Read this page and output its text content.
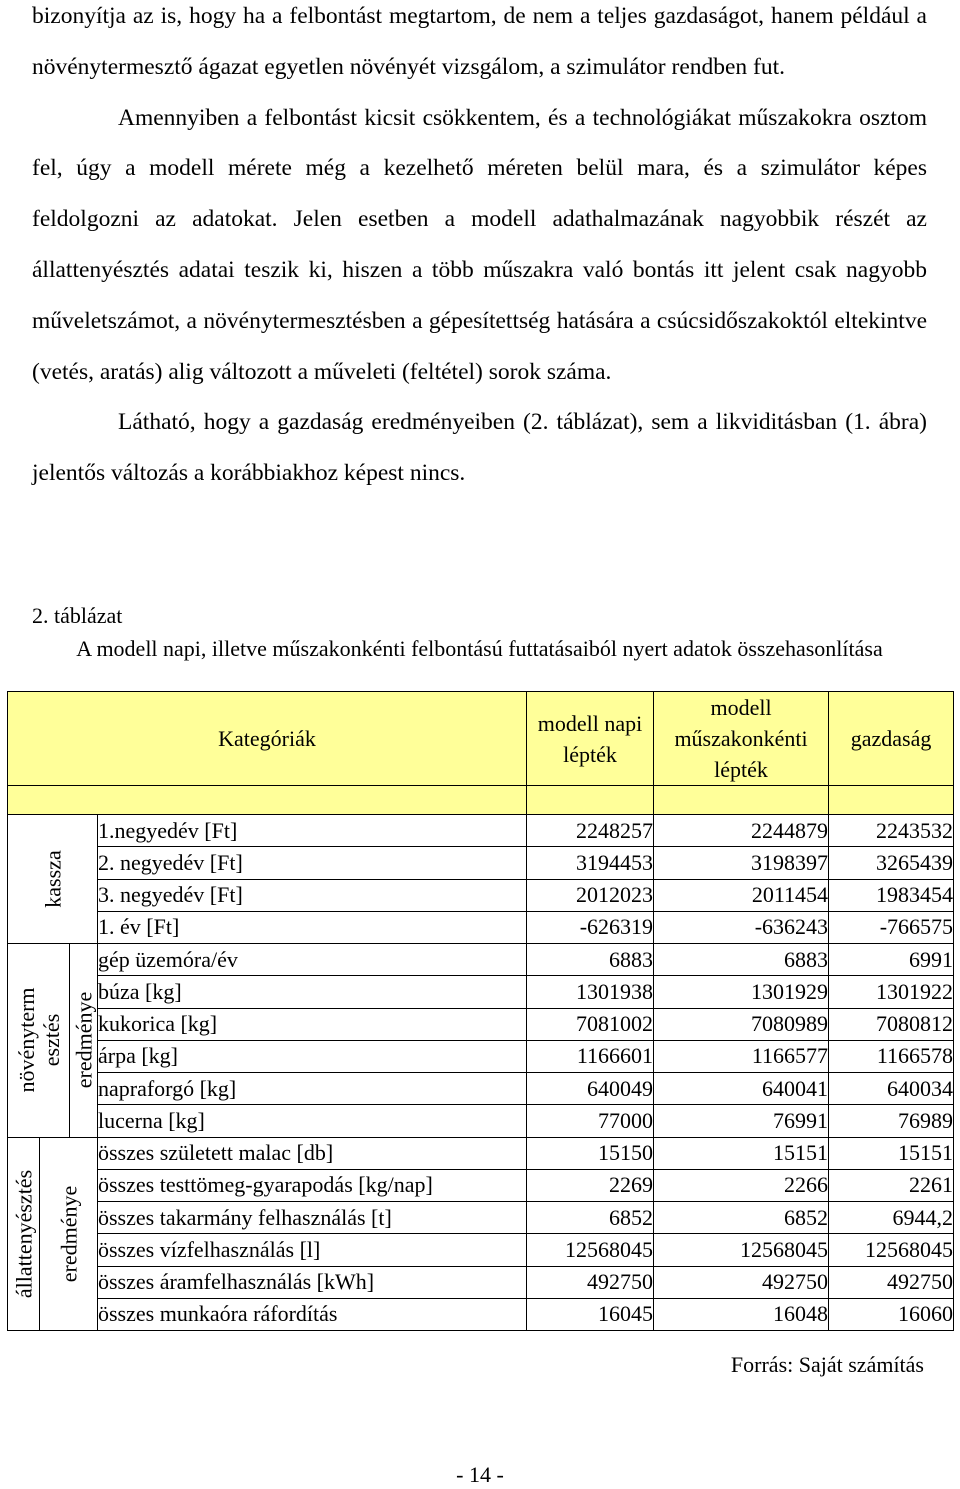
bizonyítja az is, hogy ha a felbontást megtartom, de nem a teljes gazdaságot, hanem például a növénytermesztő ágazat egyetlen növényét vizsgálom, a szimulátor rendben fut.

Amennyiben a felbontást kicsit csökkentem, és a technológiákat műszakokra osztom fel, úgy a modell mérete még a kezelhető méreten belül mara, és a szimulátor képes feldolgozni az adatokat. Jelen esetben a modell adathalmazának nagyobbik részét az állattenyésztés adatai teszik ki, hiszen a több műszakra való bontás itt jelent csak nagyobb műveletszámot, a növénytermesztésben a gépesítettség hatására a csúcsidőszakoktól eltekintve (vetés, aratás) alig változott a műveleti (feltétel) sorok száma.

Látható, hogy a gazdaság eredményeiben (2. táblázat), sem a likviditásban (1. ábra) jelentős változás a korábbiakhoz képest nincs.

2. táblázat
A modell napi, illetve műszakonkénti felbontású futtatásaiból nyert adatok összehasonlítása
Kategóriák				modell napi lépték	modell műszakonkénti lépték	gazdaság

kassza			1.negyedév [Ft]	2248257	2244879	2243532
			2. negyedév [Ft]	3194453	3198397	3265439
			3. negyedév [Ft]	2012023	2011454	1983454
			1. év [Ft]	-626319	-636243	-766575

növényterm esztés		eredménye	gép üzemóra/év	6883	6883	6991
			búza [kg]	1301938	1301929	1301922
			kukorica [kg]	7081002	7080989	7080812
			árpa [kg]	1166601	1166577	1166578
			napraforgó [kg]	640049	640041	640034
			lucerna [kg]	77000	76991	76989

állattenyésztés	eredménye		összes született malac [db]	15150	15151	15151
			összes testtömeg-gyarapodás [kg/nap]	2269	2266	2261
			összes takarmány felhasználás [t]	6852	6852	6944,2
			összes vízfelhasználás [l]	12568045	12568045	12568045
			összes áramfelhasználás [kWh]	492750	492750	492750
			összes munkaóra ráfordítás	16045	16048	16060
Forrás: Saját számítás
- 14 -
